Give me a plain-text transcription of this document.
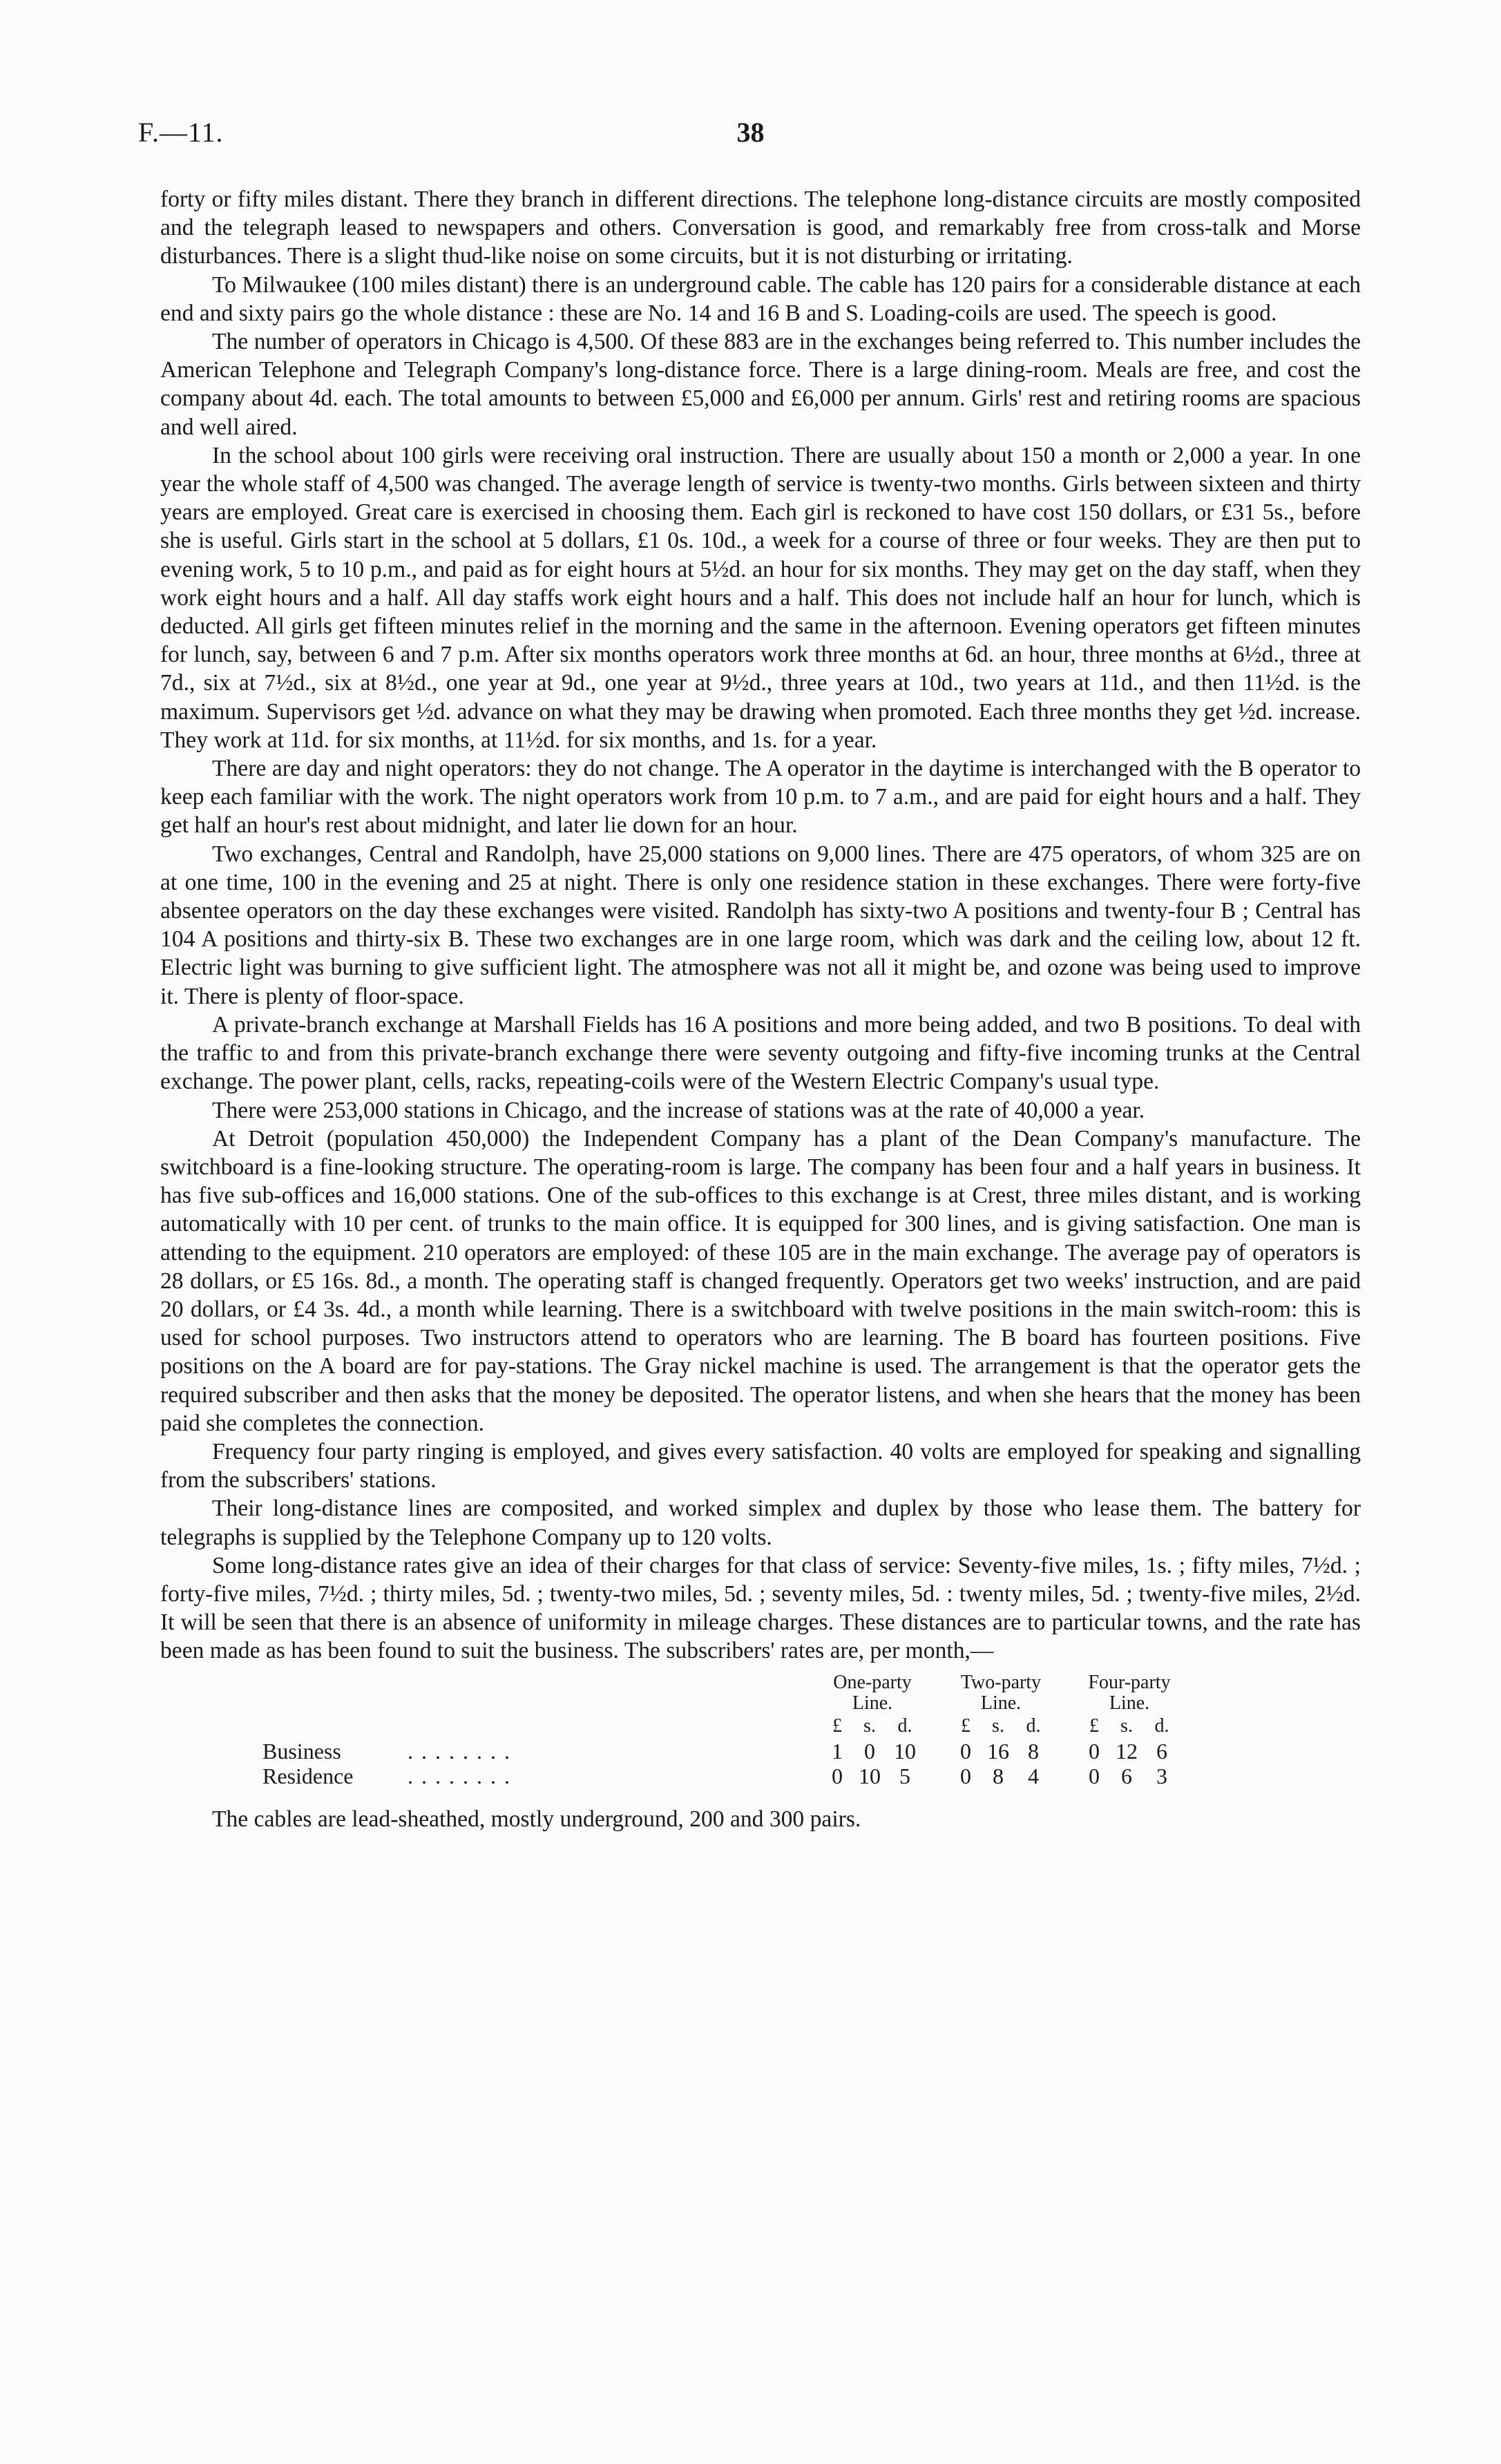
F.—11.	38

forty or fifty miles distant. There they branch in different directions. The telephone long-distance circuits are mostly composited and the telegraph leased to newspapers and others. Conversation is good, and remarkably free from cross-talk and Morse disturbances. There is a slight thud-like noise on some circuits, but it is not disturbing or irritating.

To Milwaukee (100 miles distant) there is an underground cable. The cable has 120 pairs for a considerable distance at each end and sixty pairs go the whole distance : these are No. 14 and 16 B and S. Loading-coils are used. The speech is good.

The number of operators in Chicago is 4,500. Of these 883 are in the exchanges being referred to. This number includes the American Telephone and Telegraph Company's long-distance force. There is a large dining-room. Meals are free, and cost the company about 4d. each. The total amounts to between £5,000 and £6,000 per annum. Girls' rest and retiring rooms are spacious and well aired.

In the school about 100 girls were receiving oral instruction. There are usually about 150 a month or 2,000 a year. In one year the whole staff of 4,500 was changed. The average length of service is twenty-two months. Girls between sixteen and thirty years are employed. Great care is exercised in choosing them. Each girl is reckoned to have cost 150 dollars, or £31 5s., before she is useful. Girls start in the school at 5 dollars, £1 0s. 10d., a week for a course of three or four weeks. They are then put to evening work, 5 to 10 p.m., and paid as for eight hours at 5½d. an hour for six months. They may get on the day staff, when they work eight hours and a half. All day staffs work eight hours and a half. This does not include half an hour for lunch, which is deducted. All girls get fifteen minutes relief in the morning and the same in the afternoon. Evening operators get fifteen minutes for lunch, say, between 6 and 7 p.m. After six months operators work three months at 6d. an hour, three months at 6½d., three at 7d., six at 7½d., six at 8½d., one year at 9d., one year at 9½d., three years at 10d., two years at 11d., and then 11½d. is the maximum. Supervisors get ½d. advance on what they may be drawing when promoted. Each three months they get ½d. increase. They work at 11d. for six months, at 11½d. for six months, and 1s. for a year.

There are day and night operators: they do not change. The A operator in the daytime is interchanged with the B operator to keep each familiar with the work. The night operators work from 10 p.m. to 7 a.m., and are paid for eight hours and a half. They get half an hour's rest about midnight, and later lie down for an hour.

Two exchanges, Central and Randolph, have 25,000 stations on 9,000 lines. There are 475 operators, of whom 325 are on at one time, 100 in the evening and 25 at night. There is only one residence station in these exchanges. There were forty-five absentee operators on the day these exchanges were visited. Randolph has sixty-two A positions and twenty-four B ; Central has 104 A positions and thirty-six B. These two exchanges are in one large room, which was dark and the ceiling low, about 12 ft. Electric light was burning to give sufficient light. The atmosphere was not all it might be, and ozone was being used to improve it. There is plenty of floor-space.

A private-branch exchange at Marshall Fields has 16 A positions and more being added, and two B positions. To deal with the traffic to and from this private-branch exchange there were seventy outgoing and fifty-five incoming trunks at the Central exchange. The power plant, cells, racks, repeating-coils were of the Western Electric Company's usual type.

There were 253,000 stations in Chicago, and the increase of stations was at the rate of 40,000 a year.

At Detroit (population 450,000) the Independent Company has a plant of the Dean Company's manufacture. The switchboard is a fine-looking structure. The operating-room is large. The company has been four and a half years in business. It has five sub-offices and 16,000 stations. One of the sub-offices to this exchange is at Crest, three miles distant, and is working automatically with 10 per cent. of trunks to the main office. It is equipped for 300 lines, and is giving satisfaction. One man is attending to the equipment. 210 operators are employed: of these 105 are in the main exchange. The average pay of operators is 28 dollars, or £5 16s. 8d., a month. The operating staff is changed frequently. Operators get two weeks' instruction, and are paid 20 dollars, or £4 3s. 4d., a month while learning. There is a switchboard with twelve positions in the main switch-room: this is used for school purposes. Two instructors attend to operators who are learning. The B board has fourteen positions. Five positions on the A board are for pay-stations. The Gray nickel machine is used. The arrangement is that the operator gets the required subscriber and then asks that the money be deposited. The operator listens, and when she hears that the money has been paid she completes the connection.

Frequency four party ringing is employed, and gives every satisfaction. 40 volts are employed for speaking and signalling from the subscribers' stations.

Their long-distance lines are composited, and worked simplex and duplex by those who lease them. The battery for telegraphs is supplied by the Telephone Company up to 120 volts.

Some long-distance rates give an idea of their charges for that class of service: Seventy-five miles, 1s. ; fifty miles, 7½d. ; forty-five miles, 7½d. ; thirty miles, 5d. ; twenty-two miles, 5d. ; seventy miles, 5d. : twenty miles, 5d. ; twenty-five miles, 2½d. It will be seen that there is an absence of uniformity in mileage charges. These distances are to particular towns, and the rate has been made as has been found to suit the business. The subscribers' rates are, per month,—

		One-party Line.				Two-party Line.				Four-party Line.		
		£	s.	d.		£	s.	d.		£	s.	d.
Business	. . . . . . . .	1	0	10		0	16	8		0	12	6
Residence	. . . . . . . .	0	10	5		0	8	4		0	6	3

The cables are lead-sheathed, mostly underground, 200 and 300 pairs.
